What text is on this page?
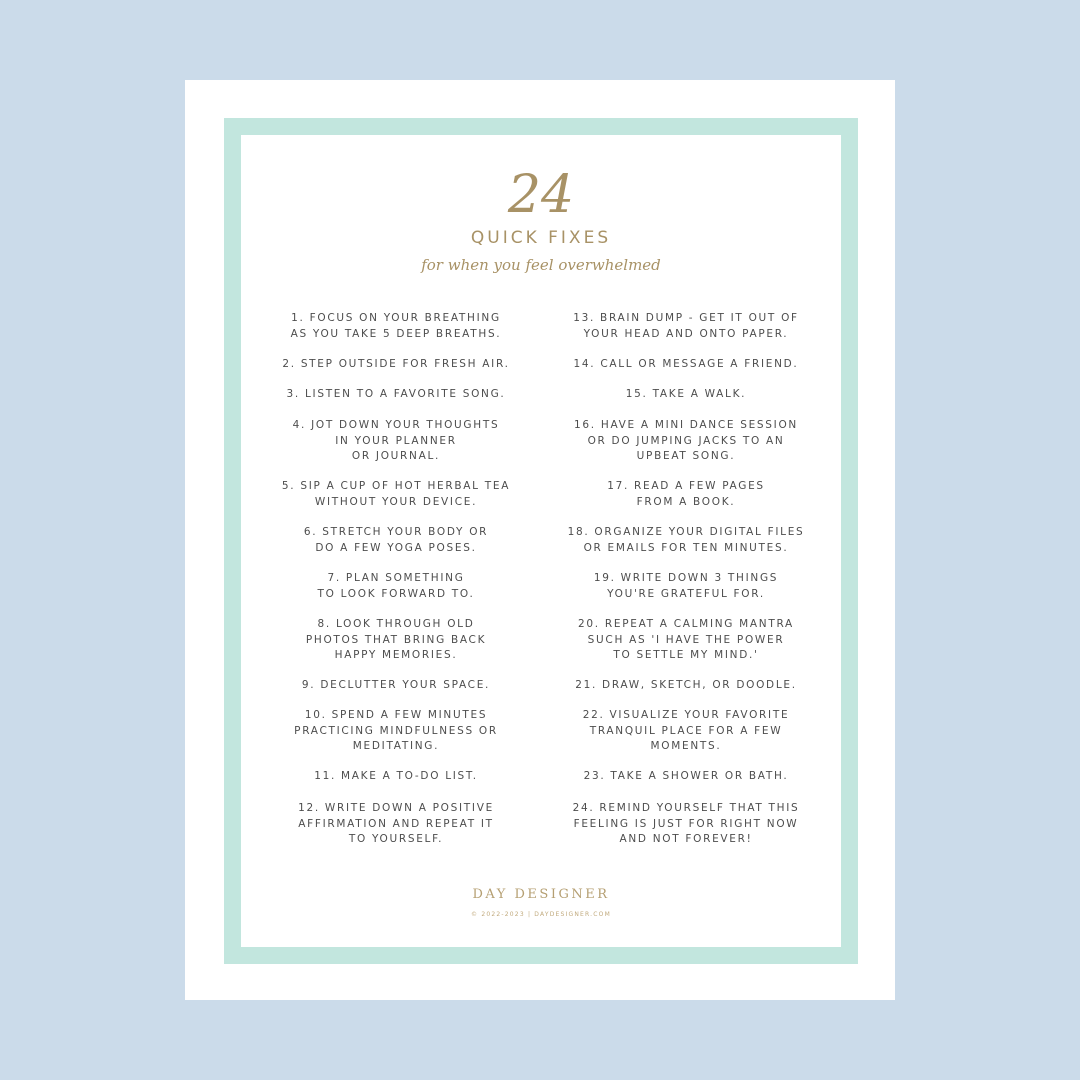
24
QUICK FIXES
for when you feel overwhelmed
1. FOCUS ON YOUR BREATHING
AS YOU TAKE 5 DEEP BREATHS.
2. STEP OUTSIDE FOR FRESH AIR.
3. LISTEN TO A FAVORITE SONG.
4. JOT DOWN YOUR THOUGHTS
IN YOUR PLANNER
OR JOURNAL.
5. SIP A CUP OF HOT HERBAL TEA
WITHOUT YOUR DEVICE.
6. STRETCH YOUR BODY OR
DO A FEW YOGA POSES.
7. PLAN SOMETHING
TO LOOK FORWARD TO.
8. LOOK THROUGH OLD
PHOTOS THAT BRING BACK
HAPPY MEMORIES.
9. DECLUTTER YOUR SPACE.
10. SPEND A FEW MINUTES
PRACTICING MINDFULNESS OR
MEDITATING.
11. MAKE A TO-DO LIST.
12. WRITE DOWN A POSITIVE
AFFIRMATION AND REPEAT IT
TO YOURSELF.
13. BRAIN DUMP - GET IT OUT OF
YOUR HEAD AND ONTO PAPER.
14. CALL OR MESSAGE A FRIEND.
15. TAKE A WALK.
16. HAVE A MINI DANCE SESSION
OR DO JUMPING JACKS TO AN
UPBEAT SONG.
17. READ A FEW PAGES
FROM A BOOK.
18. ORGANIZE YOUR DIGITAL FILES
OR EMAILS FOR TEN MINUTES.
19. WRITE DOWN 3 THINGS
YOU'RE GRATEFUL FOR.
20. REPEAT A CALMING MANTRA
SUCH AS 'I HAVE THE POWER
TO SETTLE MY MIND.'
21. DRAW, SKETCH, OR DOODLE.
22. VISUALIZE YOUR FAVORITE
TRANQUIL PLACE FOR A FEW
MOMENTS.
23. TAKE A SHOWER OR BATH.
24. REMIND YOURSELF THAT THIS
FEELING IS JUST FOR RIGHT NOW
AND NOT FOREVER!
DAY DESIGNER
© 2022-2023 | DAYDESIGNER.COM
